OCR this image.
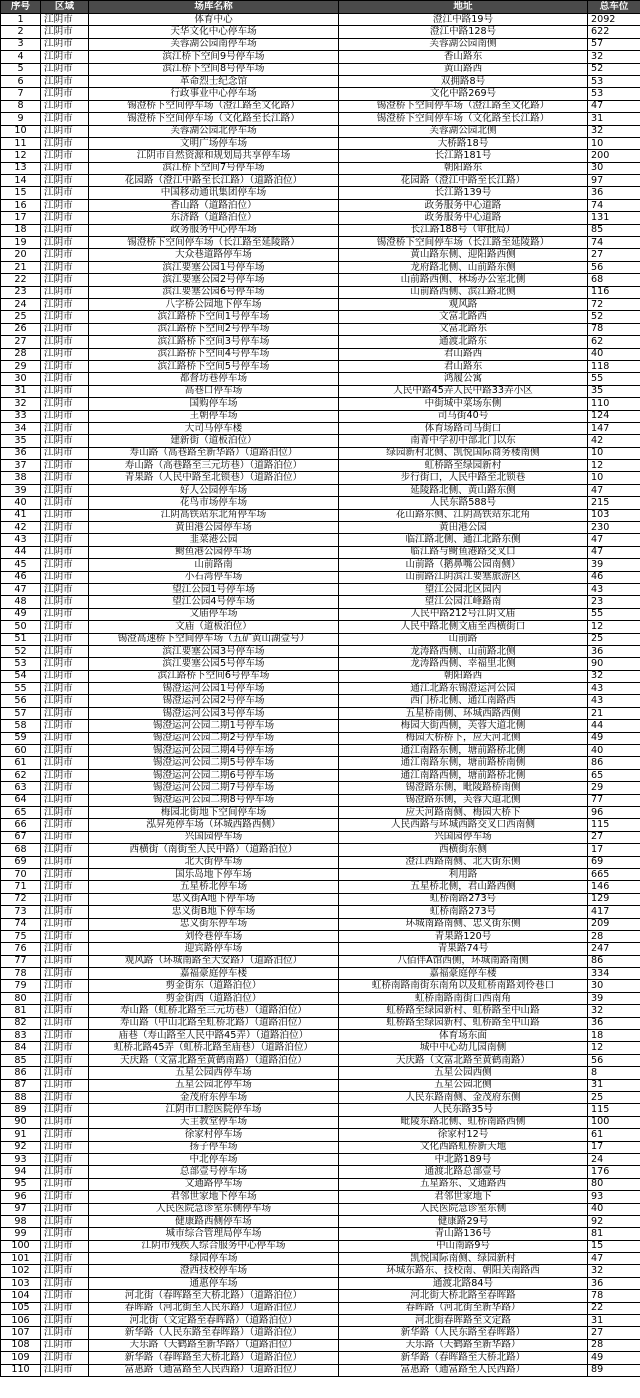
序号	区域	场库名称	地址	总车位
1	江阴市	体育中心	澄江中路19号	2092
2	江阴市	天华文化中心停车场	澄江中路128号	622
3	江阴市	芙蓉湖公园南停车场	芙蓉湖公园南侧	57
4	江阴市	滨江桥下空间9号停车场	香山路东	32
5	江阴市	滨江桥下空间8号停车场	黄山路西	52
6	江阴市	革命烈士纪念馆	双拥路8号	53
7	江阴市	行政事业中心停车场	文化中路269号	53
8	江阴市	锡澄桥下空间停车场（澄江路至文化路）	锡澄桥下空间停车场（澄江路至文化路）	47
9	江阴市	锡澄桥下空间停车场（文化路至长江路）	锡澄桥下空间停车场（文化路至长江路）	31
10	江阴市	芙蓉湖公园北停车场	芙蓉湖公园北侧	32
11	江阴市	文明广场停车场	大桥路18号	10
12	江阴市	江阴市自然资源和规划局共享停车场	长江路181号	200
13	江阴市	滨江桥下空间7号停车场	朝阳路东	30
14	江阴市	花园路（澄江中路至长江路）（道路泊位）	花园路（澄江中路至长江路）	97
15	江阴市	中国移动通讯集团停车场	长江路139号	36
16	江阴市	香山路（道路泊位）	政务服务中心道路	74
17	江阴市	东济路（道路泊位）	政务服务中心道路	131
18	江阴市	政务服务中心停车场	长江路188号（审批局）	85
19	江阴市	锡澄桥下空间停车场（长江路至延陵路）	锡澄桥下空间停车场（长江路至延陵路）	74
20	江阴市	大众巷道路停车场	黄山路东侧、迎阳路西侧	27
21	江阴市	滨江要塞公园1号停车场	龙府路北侧、山前路东侧	56
22	江阴市	滨江要塞公园2号停车场	山前路西侧、林场办公室北侧	68
23	江阴市	滨江要塞公园6号停车场	山前路西侧、滨江路北侧	116
24	江阴市	八字桥公园地下停车场	观风路	72
25	江阴市	滨江路桥下空间1号停车场	文富北路西	52
26	江阴市	滨江路桥下空间2号停车场	文富北路东	78
27	江阴市	滨江路桥下空间3号停车场	通渡北路东	62
28	江阴市	滨江路桥下空间4号停车场	君山路西	40
29	江阴市	滨江路桥下空间5号停车场	君山路东	118
30	江阴市	都督坊巷停车场	鸿履公寓	55
31	江阴市	高巷口停车场	人民中路45弄人民中路33弄小区	35
32	江阴市	国购停车场	中街城中菜场东侧	110
33	江阴市	王朝停车场	司马街40号	124
34	江阴市	大司马停车楼	体育场路司马街口	147
35	江阴市	建新街（道板泊位）	南菁中学初中部北门以东	42
36	江阴市	寿山路（高巷路至新华路）（道路泊位）	绿园新村北侧、凯悦国际商务楼南侧	10
37	江阴市	寿山路（高巷路至三元坊巷）（道路泊位）	虹桥路至绿园新村	12
38	江阴市	青果路（人民中路至北锁巷）（道路泊位）	步行街口，人民中路至北锁巷	10
39	江阴市	好人公园停车场	延陵路北侧、黄山路东侧	47
40	江阴市	花鸟市场停车场	人民东路588号	215
41	江阴市	江阴高铁站东北角停车场	花山路东侧、江阴高铁站东北角	103
42	江阴市	黄田港公园停车场	黄田港公园	230
43	江阴市	韭菜港公园	临江路北侧、通江北路东侧	47
44	江阴市	鲥鱼港公园停车场	临江路与鲥鱼港路交叉口	47
45	江阴市	山前路南	山前路（鹅鼻嘴公园南侧）	39
46	江阴市	小石湾停车场	山前路江阴滨江要塞旅游区	46
47	江阴市	望江公园1号停车场	望江公园北区园内	43
48	江阴市	望江公园4号停车场	望江公园江峰路南	23
49	江阴市	文庙停车场	人民中路212号江阴文庙	55
50	江阴市	文庙（道板泊位）	人民中路北侧文庙至西横街口	12
51	江阴市	锡澄高速桥下空间停车场（五矿黄山湖壹号）	山前路	25
52	江阴市	滨江要塞公园3号停车场	龙涛路西侧、山前路北侧	36
53	江阴市	滨江要塞公园5号停车场	龙涛路西侧、幸福里北侧	90
54	江阴市	滨江路桥下空间6号停车场	朝阳路西	32
55	江阴市	锡澄运河公园1号停车场	通江北路东锡澄运河公园	43
56	江阴市	锡澄运河公园2号停车场	西门桥北侧、通江南路西	43
57	江阴市	锡澄运河公园3号停车场	五星桥南侧、环城西路西侧	21
58	江阴市	锡澄运河公园二期1号停车场	梅园大街西侧，芙蓉大道北侧	44
59	江阴市	锡澄运河公园二期2号停车场	梅园大桥桥下，应天河北侧	49
60	江阴市	锡澄运河公园二期4号停车场	通江南路东侧，塘前路桥北侧	40
61	江阴市	锡澄运河公园二期5号停车场	通江南路东侧，塘前路桥南侧	86
62	江阴市	锡澄运河公园二期6号停车场	通江南路西侧，塘前路桥北侧	65
63	江阴市	锡澄运河公园二期7号停车场	锡澄路东侧，毗陵路桥南侧	29
64	江阴市	锡澄运河公园二期8号停车场	锡澄路东侧，芙蓉大道北侧	77
65	江阴市	梅园北街地下空间停车场	应天河路南侧、梅园大桥下	96
66	江阴市	泓昇苑停车场（环城西路西侧）	人民西路与环城西路交叉口西南侧	115
67	江阴市	兴国园停车场	兴国园停车场	27
68	江阴市	西横街（南街至人民中路）（道路泊位）	西横街东侧	17
69	江阴市	北大街停车场	澄江西路南侧、北大街东侧	69
70	江阴市	国乐岛地下停车场	利用路	665
71	江阴市	五星桥北停车场	五星桥北侧，君山路西侧	146
72	江阴市	忠义街A地下停车场	虹桥南路273号	129
73	江阴市	忠义街B地下停车场	虹桥南路273号	417
74	江阴市	忠义街东停车场	环城南路南侧、忠义街东侧	209
75	江阴市	刘伶巷停车场	青果路120号	28
76	江阴市	迎宾路停车场	青果路74号	247
77	江阴市	观风路（环城南路至大安路）（道路泊位）	八佰伴A馆西侧，环城南路南侧	86
78	江阴市	嘉福豪庭停车楼	嘉福豪庭停车楼	334
79	江阴市	剪金街东（道路泊位）	虹桥南路南街东南角以及虹桥南路刘伶巷口	30
80	江阴市	剪金街西（道路泊位）	虹桥南路南街口西南角	39
81	江阴市	寿山路（虹桥北路至三元坊巷）（道路泊位）	虹桥路至绿园新村、虹桥路至中山路	32
82	江阴市	寿山路（中山北路至虹桥北路）（道路泊位）	虹桥路至绿园新村、虹桥路至中山路	36
83	江阴市	庙巷（寿山路至人民中路45弄）（道路泊位）	体育场东面	18
84	江阴市	虹桥北路45弄（虹桥北路至庙巷）（道路泊位）	城中中心幼儿园南侧	12
85	江阴市	天庆路（文富北路至黄鹤南路）（道路泊位）	天庆路（文富北路至黄鹤南路）	56
86	江阴市	五星公园西停车场	五星公园西侧	8
87	江阴市	五星公园北停车场	五星公园北侧	31
88	江阴市	金茂府东停车场	人民东路南侧、金茂府东侧	25
89	江阴市	江阴市口腔医院停车场	人民东路35号	115
90	江阴市	天主教堂停车场	毗陵东路北侧、虹桥南路西侧	100
91	江阴市	徐家村停车场	徐家村12号	61
92	江阴市	扬子停车场	文化西路虹桥新天地	17
93	江阴市	中北停车场	中北路189号	24
94	江阴市	总部壹号停车场	通渡北路总部壹号	176
95	江阴市	文通路停车场	五星路东、文通路西	80
96	江阴市	君邻世家地下停车场	君邻世家地下	93
97	江阴市	人民医院急诊室东侧停车场	人民医院急诊室东侧	40
98	江阴市	健康路西侧停车场	健康路29号	92
99	江阴市	城市综合管理局停车场	青山路136号	81
100	江阴市	江阴市残疾人综合服务中心停车场	中山南路9号	15
101	江阴市	绿园停车场	凯悦国际南侧、绿园新村	47
102	江阴市	澄西技校停车场	环城东路东、技校南、朝阳关南路西	32
103	江阴市	通惠停车场	通渡北路84号	36
104	江阴市	河北街（春晖路至大桥北路）（道路泊位）	河北街大桥北路至春晖路	78
105	江阴市	春晖路（河北街至人民东路）（道路泊位）	春晖路（河北街至新华路）	22
106	江阴市	河北街（文定路至春晖路）（道路泊位）	河北街春晖路至文定路	31
107	江阴市	新华路（人民东路至春晖路）（道路泊位）	新华路（人民东路至春晖路）	27
108	江阴市	天乐路（天鹤路至新华路）（道路泊位）	天乐路（天鹤路至新华路）	28
109	江阴市	新华路（春晖路至大桥北路）（道路泊位）	新华路（春晖路至大桥北路）	49
110	江阴市	富惠路（通富路至人民西路）（道路泊位）	富惠路（通富路至人民西路）	89
